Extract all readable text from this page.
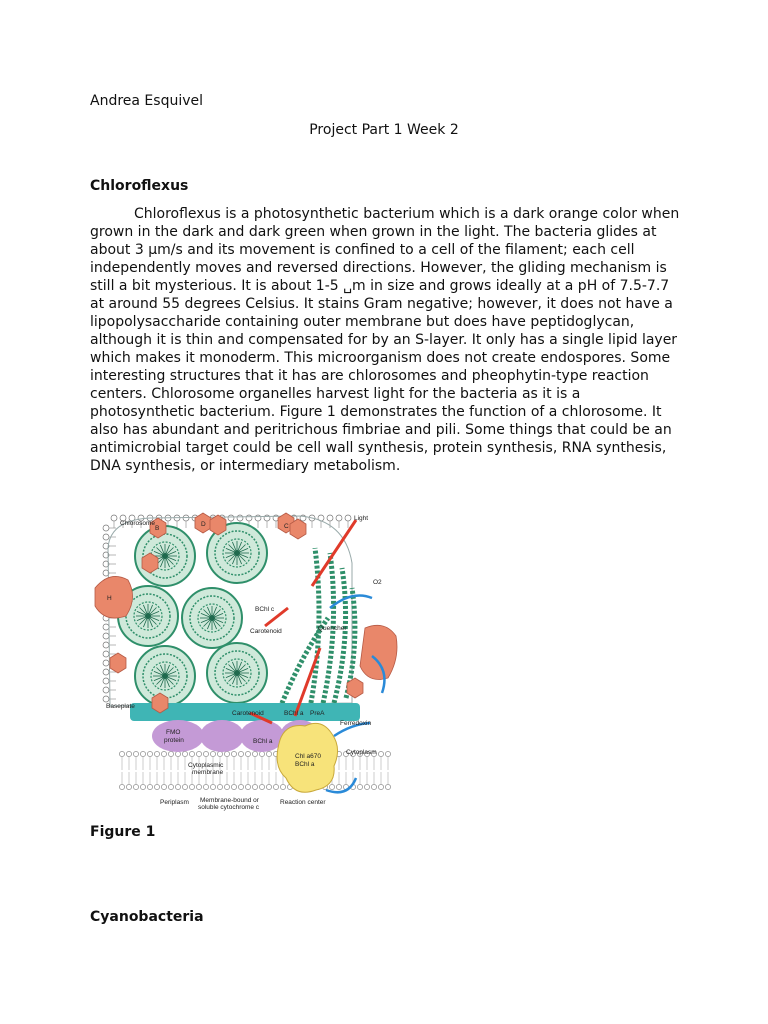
Andrea Esquivel
Project Part 1 Week 2
Chloroflexus
Chloroflexus is a photosynthetic bacterium which is a dark orange color when
grown in the dark and dark green when grown in the light. The bacteria glides at
about 3 μm/s and its movement is confined to a cell of the filament; each cell
independently moves and reversed directions. However, the gliding mechanism is
still a bit mysterious. It is about 1-5 ␣m in size and grows ideally at a pH of 7.5-7.7
at around 55 degrees Celsius. It stains Gram negative; however, it does not have a
lipopolysaccharide containing outer membrane but does have peptidoglycan,
although it is thin and compensated for by an S-layer. It only has a single lipid layer
which makes it monoderm. This microorganism does not create endospores. Some
interesting structures that it has are chlorosomes and pheophytin-type reaction
centers. Chlorosome organelles harvest light for the bacteria as it is a
photosynthetic bacterium. Figure 1 demonstrates the function of a chlorosome. It
also has abundant and peritrichous fimbriae and pili. Some things that could be an
antimicrobial target could be cell wall synthesis, protein synthesis, RNA synthesis,
DNA synthesis, or intermediary metabolism.
Chlorosome
Light
BChl c
Carotenoid	Quencher
O2
Baseplate
Carotenoid	BChl a PreA
Ferredoxin
FMO
protein	BChl a
Cytoplasm
Cytoplasmic
membrane
Chl a670
BChl a
Periplasm Membrane-bound or
soluble cytochrome c
Reaction center
B	C
D
H
Figure 1
Cyanobacteria
